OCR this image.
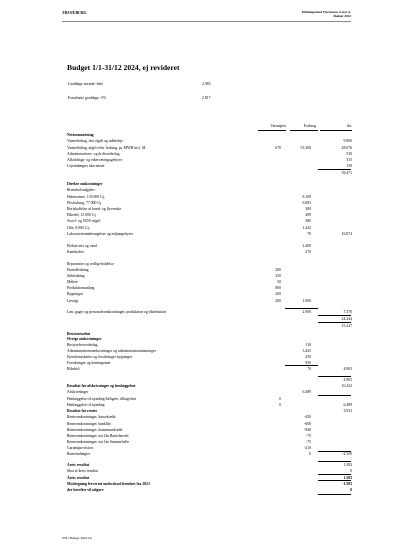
TRANEBURG	Meldungslund Fjerneums A.m.b.A.
Budget 2024
Budget 1/1-31/12 2024, ej revideret
Graddage normal- hele	2.965
Forudsatte graddage -5%	2.817
Varmepris	Forbrug	tkr.
Nettoomsætning
Varmebidrag, fast afgift og målerleje	9.800
Varmebidrag, afgift efter forbrug, pr. MWH incl. M.	670	53.300	28.676
Administrations- og driftsvederlag	530
Afkoblings- og etkerværingsgebyrer	315
Lejeindtægter skoristene	150
39.471
Direkte omkostninger
Brændselsudgifter:
Halmvarme, 135.000 Gj,	8.100
Flisforbrug, 77.000 Gj	6.083
Bortskaffelse af bund- og flyveaske	300
Elkedel, 15.000 Gj	499
Svovl- og NOX-afgift	380
Olie, 8.000 Gj,	1.442
Laboratorieundersøgelser og miljøøgebyrer	70	16.874
Elektricitet og vand	2.400
Kemikalier	270
Reparation og vedligeholdelse:
Hovedledning	200
Stikledning	350
Målere	50
Produktionsanlæg	800
Bygninger	200
Løvrigt	200	1.800
Løn, gager og personaleomkostninger, produktion og distribution	2.900	7.370
24.244
15.227
Bruttoresultat
Øvrige omkostninger
Bestyrelsesvederlag	110
Administrationsomkostninger og administrationslønninger	3.425
Ejendomsskatter og forsikringer bygninger	250
Forsikringer og kontingenter	950
Bilsdrift	70	4.805
4.805
Resultat før afskrivninger og henlæggelser	10.422
Afskrivninger	6.489
Henlæggelse til nyanlæg/falligere, tilbageført	0
Henlæggelse til nyanlæg	0	6.489
Resultat før renter	3.933
Renteomkostninger, kassekredit	-450
Renteomkostninger, banklån	-600
Renteomkostninger, kommunekredit	-940
Renteomkostninger, nyt lån Barnsherred	-75
Renteomkostninger, nyt lån Sønmerhelle	-75
Garantiprovision	-210
Renteindtægter	0	-2.350
Årets resultat	1.583
Skat af årets resultat	0
Årets resultat	1.583
Modregning fervertat underskud fremført fra 2023	-1.583
der herefter vil udgøre	0
0791 Budget 2024.xls
